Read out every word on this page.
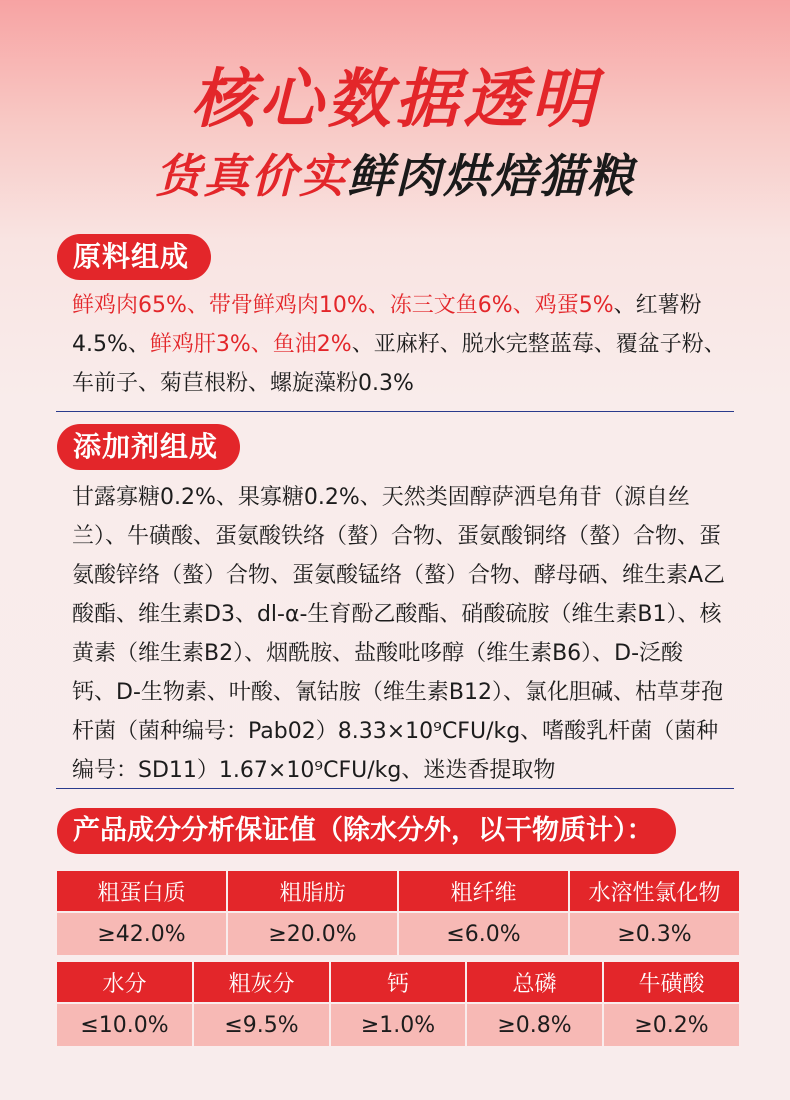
核心数据透明
货真价实鲜肉烘焙猫粮
原料组成
鲜鸡肉65%、带骨鲜鸡肉10%、冻三文鱼6%、鸡蛋5%、红薯粉4.5%、鲜鸡肝3%、鱼油2%、亚麻籽、脱水完整蓝莓、覆盆子粉、车前子、菊苣根粉、螺旋藻粉0.3%
添加剂组成
甘露寡糖0.2%、果寡糖0.2%、天然类固醇萨洒皂角苷（源自丝兰）、牛磺酸、蛋氨酸铁络（螯）合物、蛋氨酸铜络（螯）合物、蛋氨酸锌络（螯）合物、蛋氨酸锰络（螯）合物、酵母硒、维生素A乙酸酯、维生素D3、dl-α-生育酚乙酸酯、硝酸硫胺（维生素B1）、核黄素（维生素B2）、烟酰胺、盐酸吡哆醇（维生素B6）、D-泛酸钙、D-生物素、叶酸、氰钴胺（维生素B12）、氯化胆碱、枯草芽孢杆菌（菌种编号：Pab02）8.33×10⁹CFU/kg、嗜酸乳杆菌（菌种编号：SD11）1.67×10⁹CFU/kg、迷迭香提取物
产品成分分析保证值（除水分外，以干物质计）：
粗蛋白质	粗脂肪	粗纤维	水溶性氯化物
≥42.0%	≥20.0%	≤6.0%	≥0.3%
水分	粗灰分	钙	总磷	牛磺酸
≤10.0%	≤9.5%	≥1.0%	≥0.8%	≥0.2%
